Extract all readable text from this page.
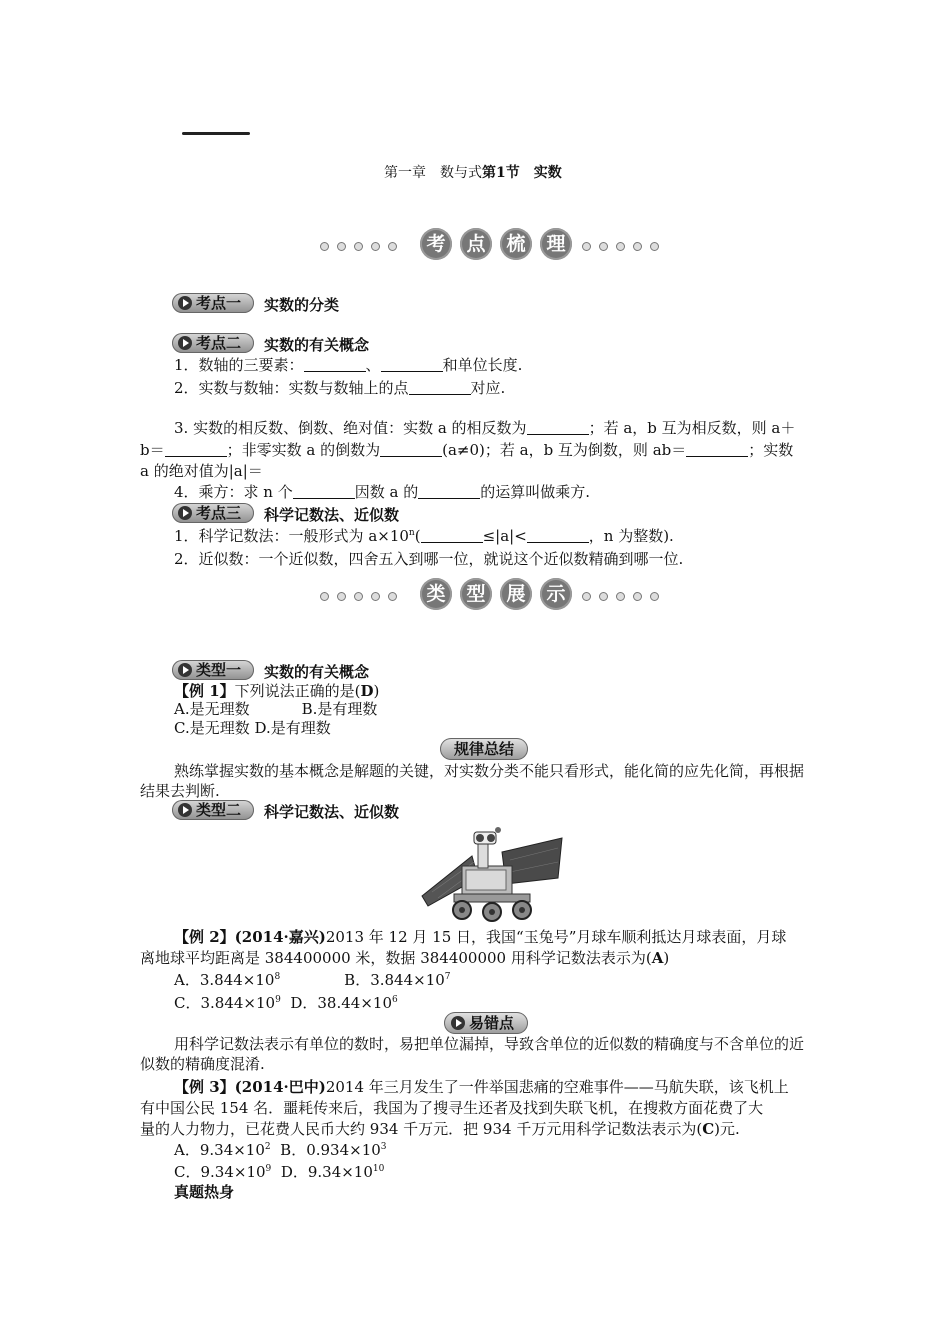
第一章　数与式第1节　实数
考	点	梳	理
考点一 实数的分类
考点二 实数的有关概念
1．数轴的三要素：	、	和单位长度.
2．实数与数轴：实数与数轴上的点	对应.
3. 实数的相反数、倒数、绝对值：实数 a 的相反数为	；若 a，b 互为相反数，则 a＋
b＝	；非零实数 a 的倒数为	(a≠0)；若 a，b 互为倒数，则 ab＝	；实数
a 的绝对值为|a|＝
4．乘方：求 n 个	因数 a 的	的运算叫做乘方.
考点三 科学记数法、近似数
1．科学记数法：一般形式为 $a\times 10^n$(	≤|a|<	，n 为整数).
2．近似数：一个近似数，四舍五入到哪一位，就说这个近似数精确到哪一位.
类	型	展	示
类型一 实数的有关概念
【例 1】下列说法正确的是(D)
A.是无理数	B.是有理数
C.是无理数 D.是有理数
规律总结
熟练掌握实数的基本概念是解题的关键，对实数分类不能只看形式，能化简的应先化简，再根据结果去判断.
类型二 科学记数法、近似数
【例 2】(2014·嘉兴)2013 年 12 月 15 日，我国“玉兔号”月球车顺利抵达月球表面，月球
离地球平均距离是 384400000 米，数据 384400000 用科学记数法表示为(A)
A．$3.844\times 10^8$	B．$3.844\times 10^7$
C．$3.844\times 10^9$ D．$38.44\times 10^6$
易错点
用科学记数法表示有单位的数时，易把单位漏掉，导致含单位的近似数的精确度与不含单位的近似数的精确度混淆.
【例 3】(2014·巴中)2014 年三月发生了一件举国悲痛的空难事件——马航失联，该飞机上
有中国公民 154 名．噩耗传来后，我国为了搜寻生还者及找到失联飞机，在搜救方面花费了大
量的人力物力，已花费人民币大约 934 千万元．把 934 千万元用科学记数法表示为(C)元.
A．$9.34\times 10^2$ B．$0.934\times 10^3$
C．$9.34\times 10^9$ D．$9.34\times 10^{10}$
真题热身
